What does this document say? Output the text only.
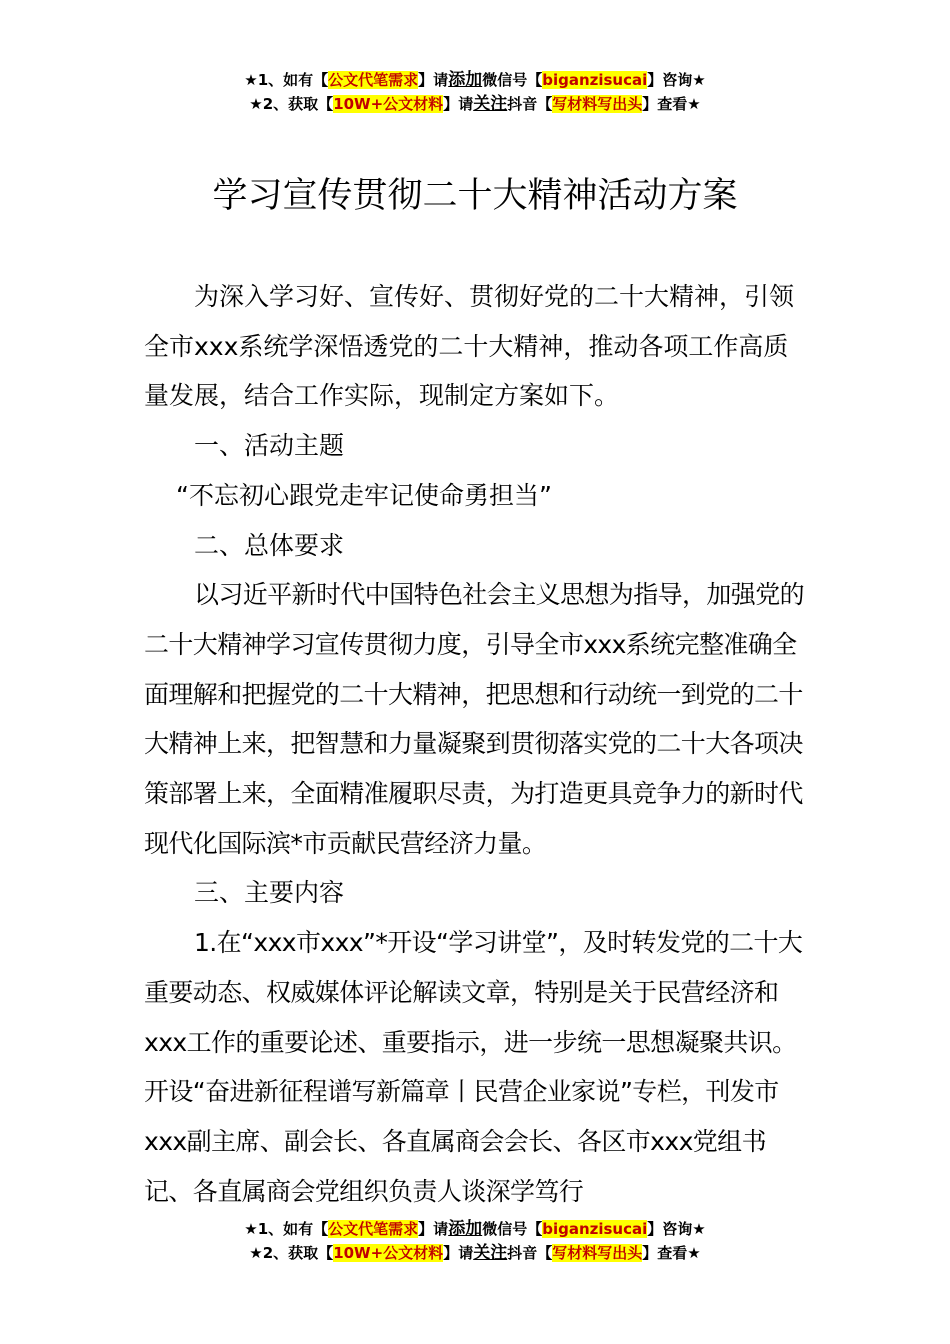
★1、如有【公文代笔需求】请添加微信号【biganzisucai】咨询★
★2、获取【10W+公文材料】请关注抖音【写材料写出头】查看★
学习宣传贯彻二十大精神活动方案

为深入学习好、宣传好、贯彻好党的二十大精神，引领全市xxx系统学深悟透党的二十大精神，推动各项工作高质量发展，结合工作实际，现制定方案如下。

一、活动主题

“不忘初心跟党走牢记使命勇担当”

二、总体要求

以习近平新时代中国特色社会主义思想为指导，加强党的二十大精神学习宣传贯彻力度，引导全市xxx系统完整准确全面理解和把握党的二十大精神，把思想和行动统一到党的二十大精神上来，把智慧和力量凝聚到贯彻落实党的二十大各项决策部署上来，全面精准履职尽责，为打造更具竞争力的新时代现代化国际滨*市贡献民营经济力量。

三、主要内容

1.在“xxx市xxx”*开设“学习讲堂”，及时转发党的二十大重要动态、权威媒体评论解读文章，特别是关于民营经济和xxx工作的重要论述、重要指示，进一步统一思想凝聚共识。开设“奋进新征程谱写新篇章丨民营企业家说”专栏，刊发市xxx副主席、副会长、各直属商会会长、各区市xxx党组书记、各直属商会党组织负责人谈深学笃行

★1、如有【公文代笔需求】请添加微信号【biganzisucai】咨询★
★2、获取【10W+公文材料】请关注抖音【写材料写出头】查看★
